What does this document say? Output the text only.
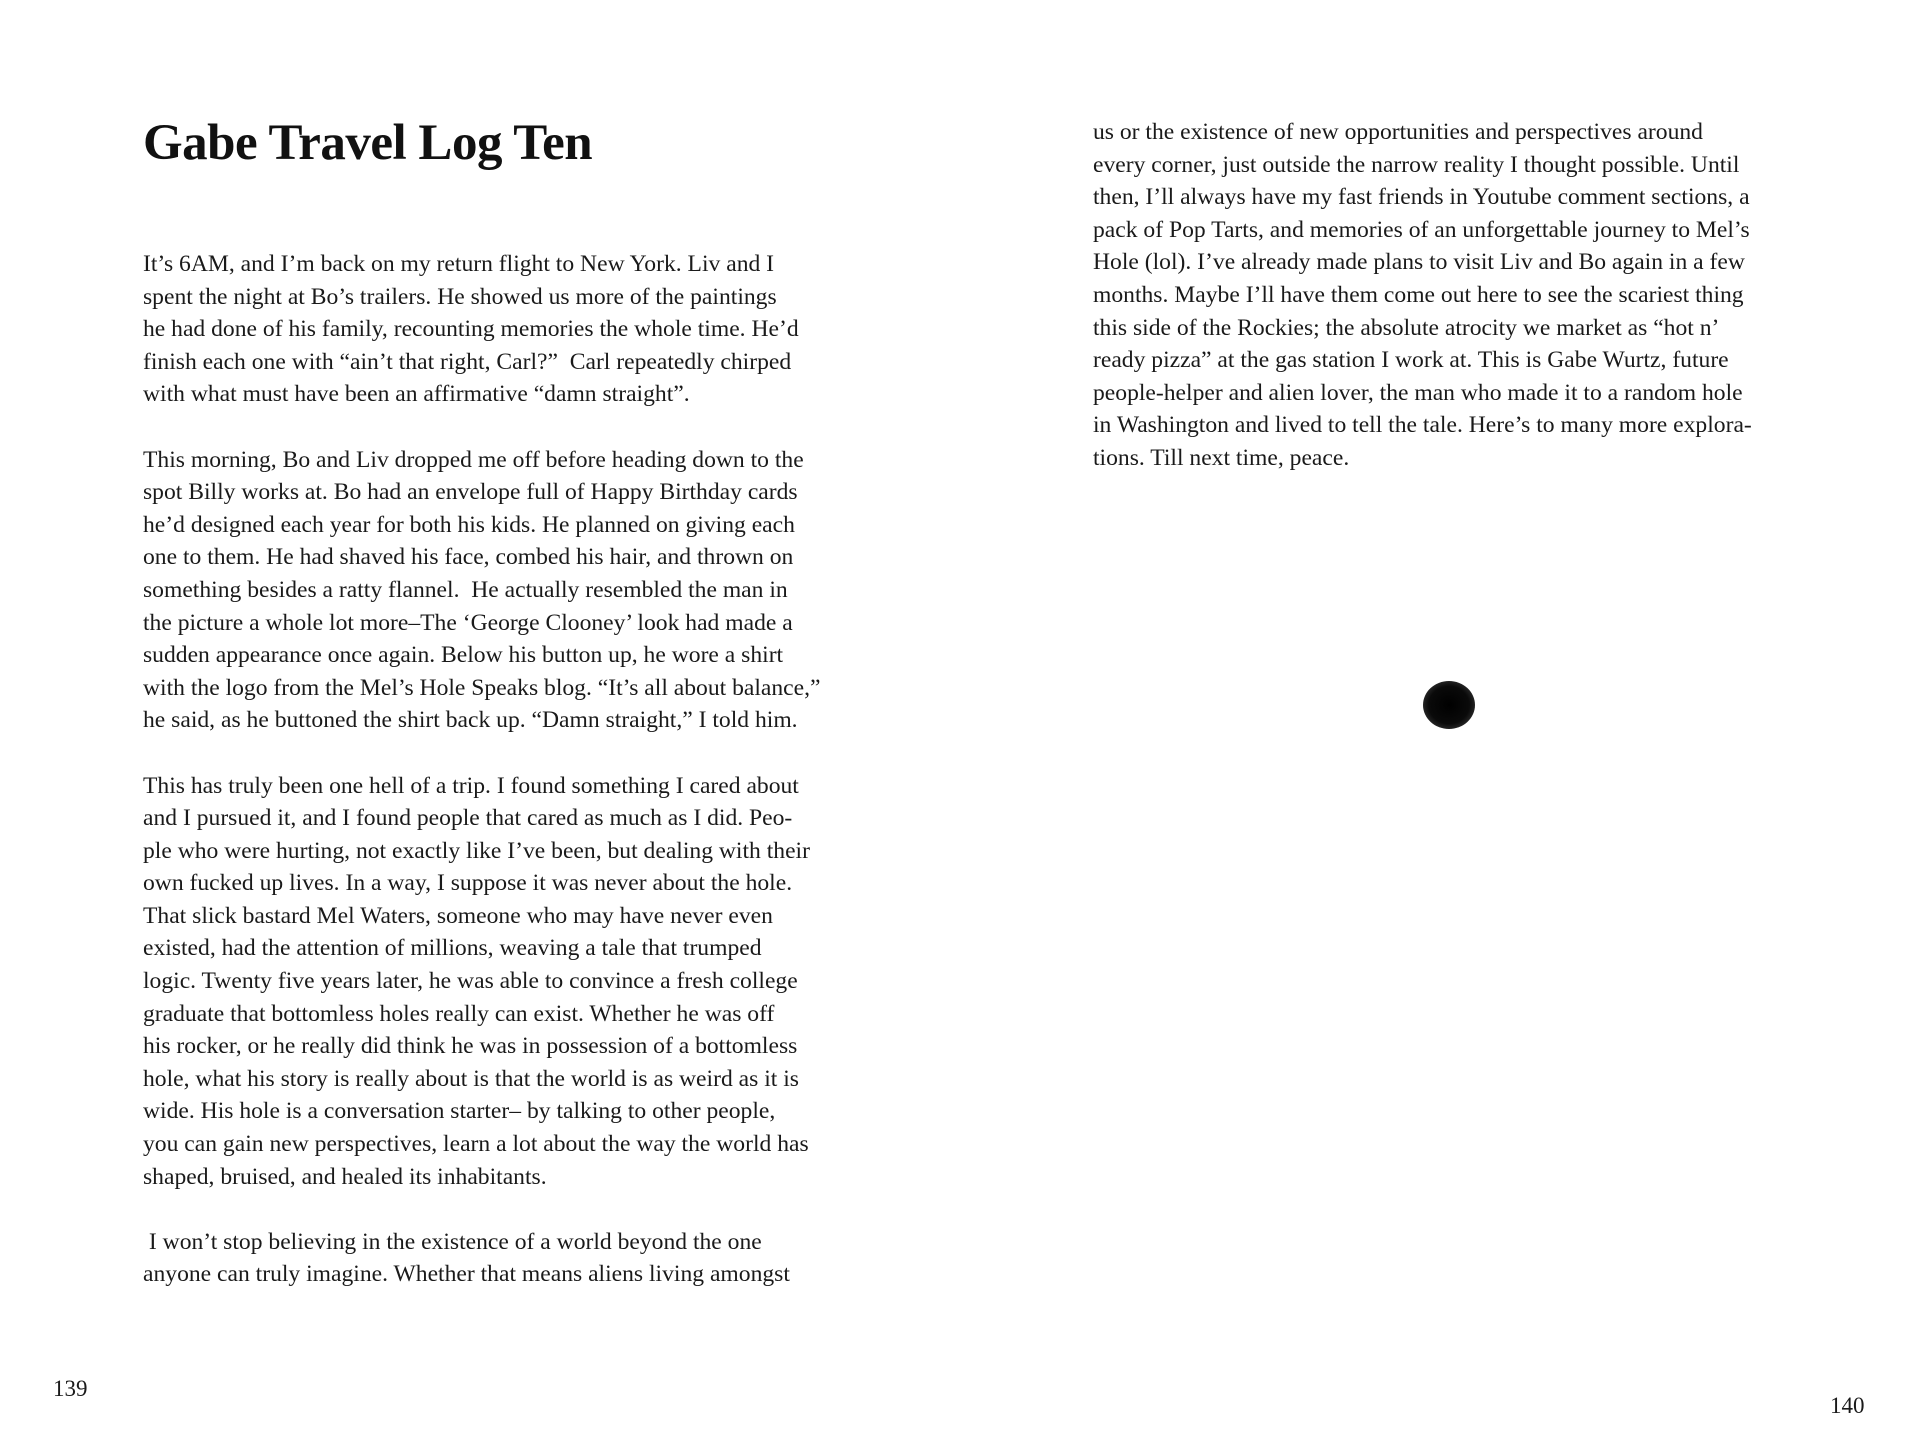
Gabe Travel Log Ten

It’s 6AM, and I’m back on my return flight to New York. Liv and I
spent the night at Bo’s trailers. He showed us more of the paintings
he had done of his family, recounting memories the whole time. He’d
finish each one with “ain’t that right, Carl?”  Carl repeatedly chirped
with what must have been an affirmative “damn straight”.

This morning, Bo and Liv dropped me off before heading down to the
spot Billy works at. Bo had an envelope full of Happy Birthday cards
he’d designed each year for both his kids. He planned on giving each
one to them. He had shaved his face, combed his hair, and thrown on
something besides a ratty flannel.  He actually resembled the man in
the picture a whole lot more–The ‘George Clooney’ look had made a
sudden appearance once again. Below his button up, he wore a shirt
with the logo from the Mel’s Hole Speaks blog. “It’s all about balance,”
he said, as he buttoned the shirt back up. “Damn straight,” I told him.

This has truly been one hell of a trip. I found something I cared about
and I pursued it, and I found people that cared as much as I did. Peo-
ple who were hurting, not exactly like I’ve been, but dealing with their
own fucked up lives. In a way, I suppose it was never about the hole.
That slick bastard Mel Waters, someone who may have never even
existed, had the attention of millions, weaving a tale that trumped
logic. Twenty five years later, he was able to convince a fresh college
graduate that bottomless holes really can exist. Whether he was off
his rocker, or he really did think he was in possession of a bottomless
hole, what his story is really about is that the world is as weird as it is
wide. His hole is a conversation starter– by talking to other people,
you can gain new perspectives, learn a lot about the way the world has
shaped, bruised, and healed its inhabitants.

I won’t stop believing in the existence of a world beyond the one
anyone can truly imagine. Whether that means aliens living amongst

139

us or the existence of new opportunities and perspectives around
every corner, just outside the narrow reality I thought possible. Until
then, I’ll always have my fast friends in Youtube comment sections, a
pack of Pop Tarts, and memories of an unforgettable journey to Mel’s
Hole (lol). I’ve already made plans to visit Liv and Bo again in a few
months. Maybe I’ll have them come out here to see the scariest thing
this side of the Rockies; the absolute atrocity we market as “hot n’
ready pizza” at the gas station I work at. This is Gabe Wurtz, future
people-helper and alien lover, the man who made it to a random hole
in Washington and lived to tell the tale. Here’s to many more explora-
tions. Till next time, peace.

140
